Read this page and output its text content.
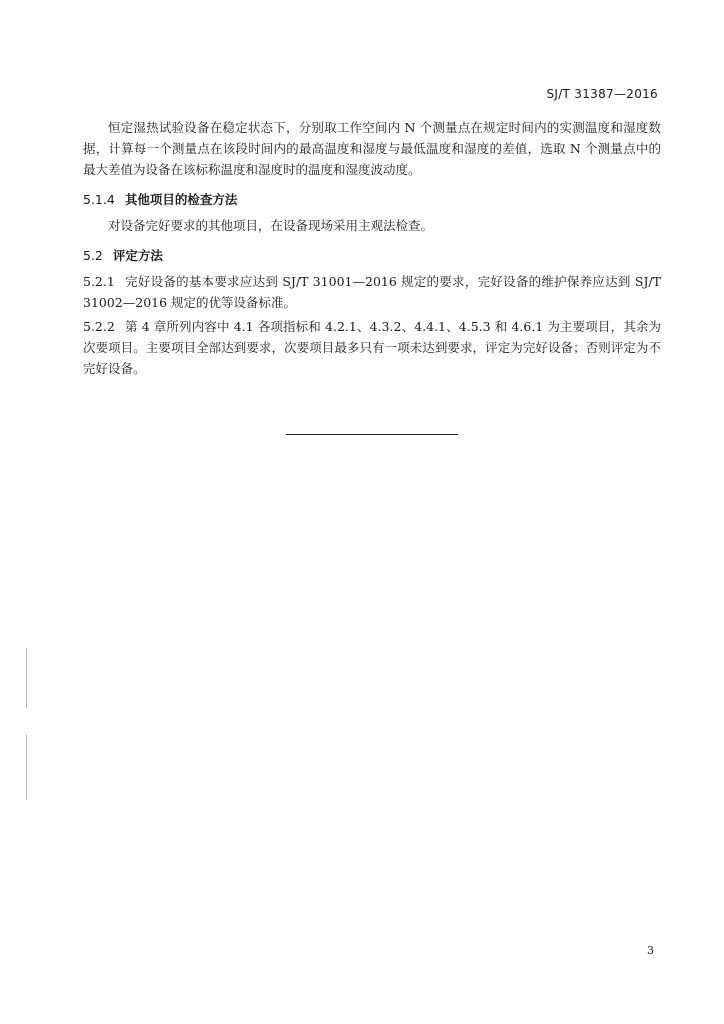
SJ/T 31387—2016

恒定湿热试验设备在稳定状态下，分别取工作空间内 N 个测量点在规定时间内的实测温度和湿度数据，计算每一个测量点在该段时间内的最高温度和湿度与最低温度和湿度的差值，选取 N 个测量点中的最大差值为设备在该标称温度和湿度时的温度和湿度波动度。

5.1.4 其他项目的检查方法

对设备完好要求的其他项目，在设备现场采用主观法检查。

5.2 评定方法

5.2.1 完好设备的基本要求应达到 SJ/T 31001—2016 规定的要求，完好设备的维护保养应达到 SJ/T 31002—2016 规定的优等设备标准。

5.2.2 第 4 章所列内容中 4.1 各项指标和 4.2.1、4.3.2、4.4.1、4.5.3 和 4.6.1 为主要项目，其余为次要项目。主要项目全部达到要求，次要项目最多只有一项未达到要求，评定为完好设备；否则评定为不完好设备。

3
